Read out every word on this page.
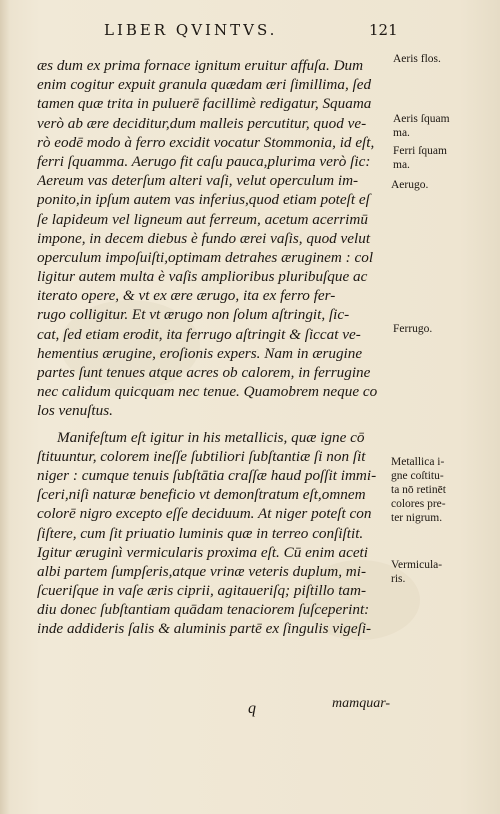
LIBER QVINTVS.	121
æs dum ex prima fornace ignitum eruitur affuſa. Dum
enim cogitur expuit granula quædam æri ſimillima, ſed
tamen quæ trita in puluerē facillimè redigatur, Squama
verò ab ære deciditur,dum malleis percutitur, quod ve-
rò eodē modo à ferro excidit vocatur Stommonia, id eſt,
ferri ſquamma. Aerugo fit caſu pauca,plurima verò ſic:
Aereum vas deterſum alteri vaſi, velut operculum im-
ponito,in ipſum autem vas inferius,quod etiam poteſt eſ
ſe lapideum vel ligneum aut ferreum, acetum acerrimū
impone, in decem diebus è fundo ærei vaſis, quod velut
operculum impoſuiſti,optimam detrahes æruginem : col
ligitur autem multa è vaſis amplioribus pluribuſque ac
iterato opere, & vt ex ære ærugo, ita ex ferro fer-
rugo colligitur. Et vt ærugo non ſolum aſtringit, ſic-
cat, ſed etiam erodit, ita ferrugo aſtringit & ſiccat ve-
hementius ærugine, eroſionis expers. Nam in ærugine
partes ſunt tenues atque acres ob calorem, in ferrugine
nec calidum quicquam nec tenue. Quamobrem neque co
los venuſtus.
Manifeſtum eſt igitur in his metallicis, quæ igne cō
ſtituuntur, colorem ineſſe ſubtiliori ſubſtantiæ ſi non ſit
niger : cumque tenuis ſubſtātia craſſæ haud poſſit immi-
ſceri,niſi naturæ beneficio vt demonſtratum eſt,omnem
colorē nigro excepto eſſe deciduum. At niger poteſt con
ſiſtere, cum ſit priuatio luminis quæ in terreo conſiſtit.
Igitur æruginì vermicularis proxima eſt. Cū enim aceti
albi partem ſumpſeris,atque vrinæ veteris duplum, mi-
ſcueriſque in vaſe æris ciprii, agitaueriſq; piſtillo tam-
diu donec ſubſtantiam quādam tenaciorem ſuſceperint:
inde addideris ſalis & aluminis partē ex ſingulis vigeſi-
Aeris flos.
Aeris ſquam
ma.
Ferri ſquam
ma.
Aerugo.
Ferrugo.
Metallica i-
gne coſtitu-
ta nō retinēt
colores pre-
ter nigrum.
Vermicula-
ris.
q	mamquar-
